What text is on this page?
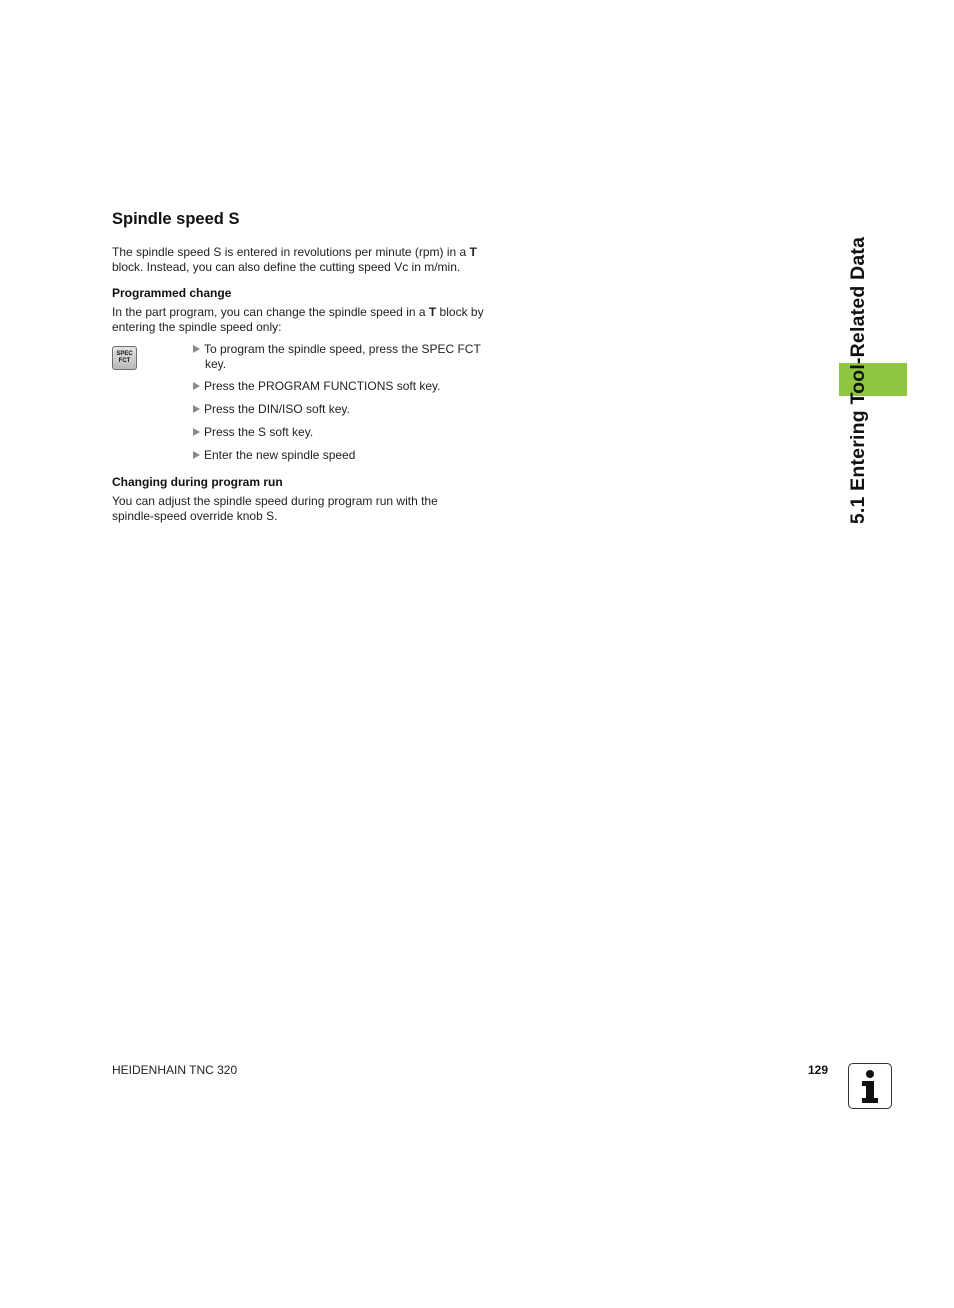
Spindle speed S
The spindle speed S is entered in revolutions per minute (rpm) in a T
block. Instead, you can also define the cutting speed Vc in m/min.
Programmed change
In the part program, you can change the spindle speed in a T block by
entering the spindle speed only:
SPEC
FCT
To program the spindle speed, press the SPEC FCT
key.
Press the PROGRAM FUNCTIONS soft key.
Press the DIN/ISO soft key.
Press the S soft key.
Enter the new spindle speed
Changing during program run
You can adjust the spindle speed during program run with the
spindle-speed override knob S.	5.1 Entering Tool-Related Data
HEIDENHAIN TNC 320	129
